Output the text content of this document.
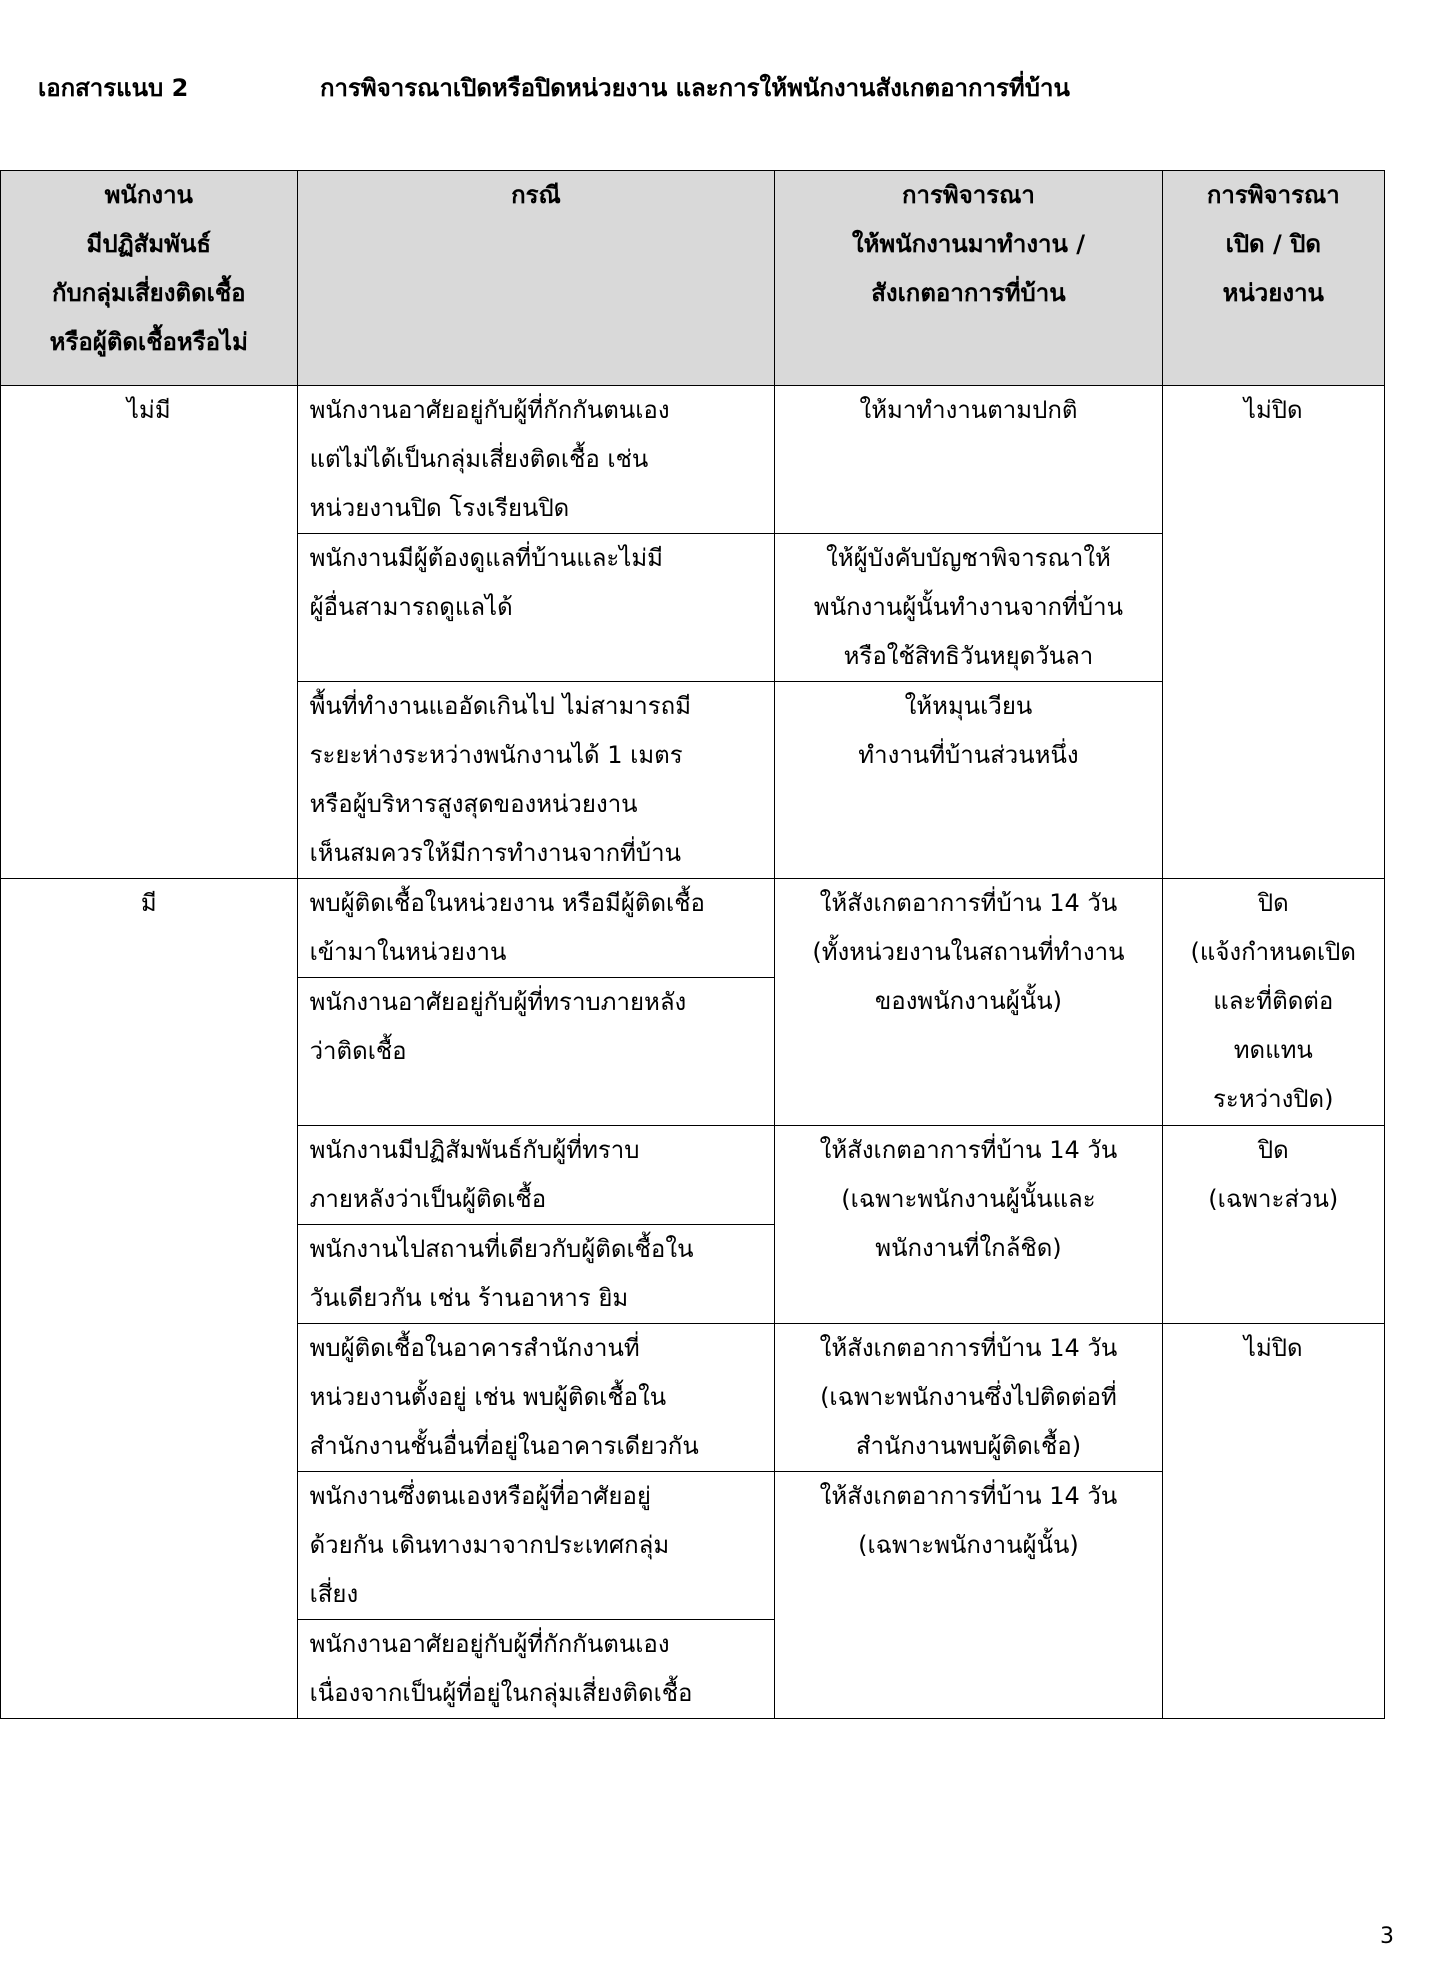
เอกสารแนบ 2	การพิจารณาเปิดหรือปิดหน่วยงาน และการให้พนักงานสังเกตอาการที่บ้าน
พนักงาน
มีปฏิสัมพันธ์
กับกลุ่มเสี่ยงติดเชื้อ
หรือผู้ติดเชื้อหรือไม่	กรณี	การพิจารณา
ให้พนักงานมาทำงาน /
สังเกตอาการที่บ้าน	การพิจารณา
เปิด / ปิด
หน่วยงาน

ไม่มี	พนักงานอาศัยอยู่กับผู้ที่กักกันตนเอง
แต่ไม่ได้เป็นกลุ่มเสี่ยงติดเชื้อ เช่น
หน่วยงานปิด โรงเรียนปิด	ให้มาทำงานตามปกติ	ไม่ปิด

	พนักงานมีผู้ต้องดูแลที่บ้านและไม่มี
ผู้อื่นสามารถดูแลได้	ให้ผู้บังคับบัญชาพิจารณาให้
พนักงานผู้นั้นทำงานจากที่บ้าน
หรือใช้สิทธิวันหยุดวันลา	

	พื้นที่ทำงานแออัดเกินไป ไม่สามารถมี
ระยะห่างระหว่างพนักงานได้ 1 เมตร
หรือผู้บริหารสูงสุดของหน่วยงาน
เห็นสมควรให้มีการทำงานจากที่บ้าน	ให้หมุนเวียน
ทำงานที่บ้านส่วนหนึ่ง	

มี	พบผู้ติดเชื้อในหน่วยงาน หรือมีผู้ติดเชื้อ
เข้ามาในหน่วยงาน	ให้สังเกตอาการที่บ้าน 14 วัน
(ทั้งหน่วยงานในสถานที่ทำงาน
ของพนักงานผู้นั้น)	ปิด
(แจ้งกำหนดเปิด
และที่ติดต่อ
ทดแทน
ระหว่างปิด)

	พนักงานอาศัยอยู่กับผู้ที่ทราบภายหลัง
ว่าติดเชื้อ		

	พนักงานมีปฏิสัมพันธ์กับผู้ที่ทราบ
ภายหลังว่าเป็นผู้ติดเชื้อ	ให้สังเกตอาการที่บ้าน 14 วัน
(เฉพาะพนักงานผู้นั้นและ
พนักงานที่ใกล้ชิด)	ปิด
(เฉพาะส่วน)

	พนักงานไปสถานที่เดียวกับผู้ติดเชื้อใน
วันเดียวกัน เช่น ร้านอาหาร ยิม		

	พบผู้ติดเชื้อในอาคารสำนักงานที่
หน่วยงานตั้งอยู่ เช่น พบผู้ติดเชื้อใน
สำนักงานชั้นอื่นที่อยู่ในอาคารเดียวกัน	ให้สังเกตอาการที่บ้าน 14 วัน
(เฉพาะพนักงานซึ่งไปติดต่อที่
สำนักงานพบผู้ติดเชื้อ)	ไม่ปิด

	พนักงานซึ่งตนเองหรือผู้ที่อาศัยอยู่
ด้วยกัน เดินทางมาจากประเทศกลุ่ม
เสี่ยง	ให้สังเกตอาการที่บ้าน 14 วัน
(เฉพาะพนักงานผู้นั้น)	

	พนักงานอาศัยอยู่กับผู้ที่กักกันตนเอง
เนื่องจากเป็นผู้ที่อยู่ในกลุ่มเสี่ยงติดเชื้อ		
3
